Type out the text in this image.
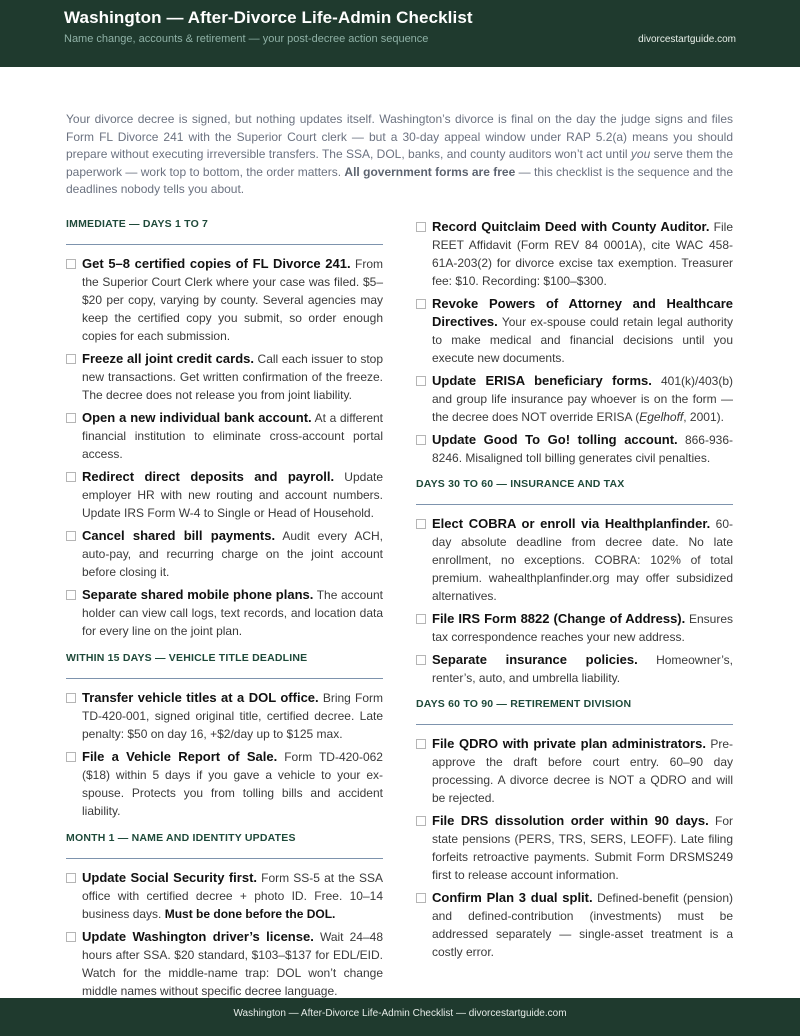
Washington — After-Divorce Life-Admin Checklist
Name change, accounts & retirement — your post-decree action sequence	divorcestartguide.com
Your divorce decree is signed, but nothing updates itself. Washington’s divorce is final on the day the judge signs and files Form FL Divorce 241 with the Superior Court clerk — but a 30-day appeal window under RAP 5.2(a) means you should prepare without executing irreversible transfers. The SSA, DOL, banks, and county auditors won’t act until you serve them the paperwork — work top to bottom, the order matters. All government forms are free — this checklist is the sequence and the deadlines nobody tells you about.
IMMEDIATE — DAYS 1 TO 7
Get 5–8 certified copies of FL Divorce 241. From the Superior Court Clerk where your case was filed. $5–$20 per copy, varying by county. Several agencies may keep the certified copy you submit, so order enough copies for each submission.
Freeze all joint credit cards. Call each issuer to stop new transactions. Get written confirmation of the freeze. The decree does not release you from joint liability.
Open a new individual bank account. At a different financial institution to eliminate cross-account portal access.
Redirect direct deposits and payroll. Update employer HR with new routing and account numbers. Update IRS Form W-4 to Single or Head of Household.
Cancel shared bill payments. Audit every ACH, auto-pay, and recurring charge on the joint account before closing it.
Separate shared mobile phone plans. The account holder can view call logs, text records, and location data for every line on the joint plan.
WITHIN 15 DAYS — VEHICLE TITLE DEADLINE
Transfer vehicle titles at a DOL office. Bring Form TD-420-001, signed original title, certified decree. Late penalty: $50 on day 16, +$2/day up to $125 max.
File a Vehicle Report of Sale. Form TD-420-062 ($18) within 5 days if you gave a vehicle to your ex-spouse. Protects you from tolling bills and accident liability.
MONTH 1 — NAME AND IDENTITY UPDATES
Update Social Security first. Form SS-5 at the SSA office with certified decree + photo ID. Free. 10–14 business days. Must be done before the DOL.
Update Washington driver’s license. Wait 24–48 hours after SSA. $20 standard, $103–$137 for EDL/EID. Watch for the middle-name trap: DOL won’t change middle names without specific decree language.
Record Quitclaim Deed with County Auditor. File REET Affidavit (Form REV 84 0001A), cite WAC 458-61A-203(2) for divorce excise tax exemption. Treasurer fee: $10. Recording: $100–$300.
Revoke Powers of Attorney and Healthcare Directives. Your ex-spouse could retain legal authority to make medical and financial decisions until you execute new documents.
Update ERISA beneficiary forms. 401(k)/403(b) and group life insurance pay whoever is on the form — the decree does NOT override ERISA (Egelhoff, 2001).
Update Good To Go! tolling account. 866-936-8246. Misaligned toll billing generates civil penalties.
DAYS 30 TO 60 — INSURANCE AND TAX
Elect COBRA or enroll via Healthplanfinder. 60-day absolute deadline from decree date. No late enrollment, no exceptions. COBRA: 102% of total premium. wahealthplanfinder.org may offer subsidized alternatives.
File IRS Form 8822 (Change of Address). Ensures tax correspondence reaches your new address.
Separate insurance policies. Homeowner’s, renter’s, auto, and umbrella liability.
DAYS 60 TO 90 — RETIREMENT DIVISION
File QDRO with private plan administrators. Pre-approve the draft before court entry. 60–90 day processing. A divorce decree is NOT a QDRO and will be rejected.
File DRS dissolution order within 90 days. For state pensions (PERS, TRS, SERS, LEOFF). Late filing forfeits retroactive payments. Submit Form DRSMS249 first to release account information.
Confirm Plan 3 dual split. Defined-benefit (pension) and defined-contribution (investments) must be addressed separately — single-asset treatment is a costly error.
Washington — After-Divorce Life-Admin Checklist — divorcestartguide.com
